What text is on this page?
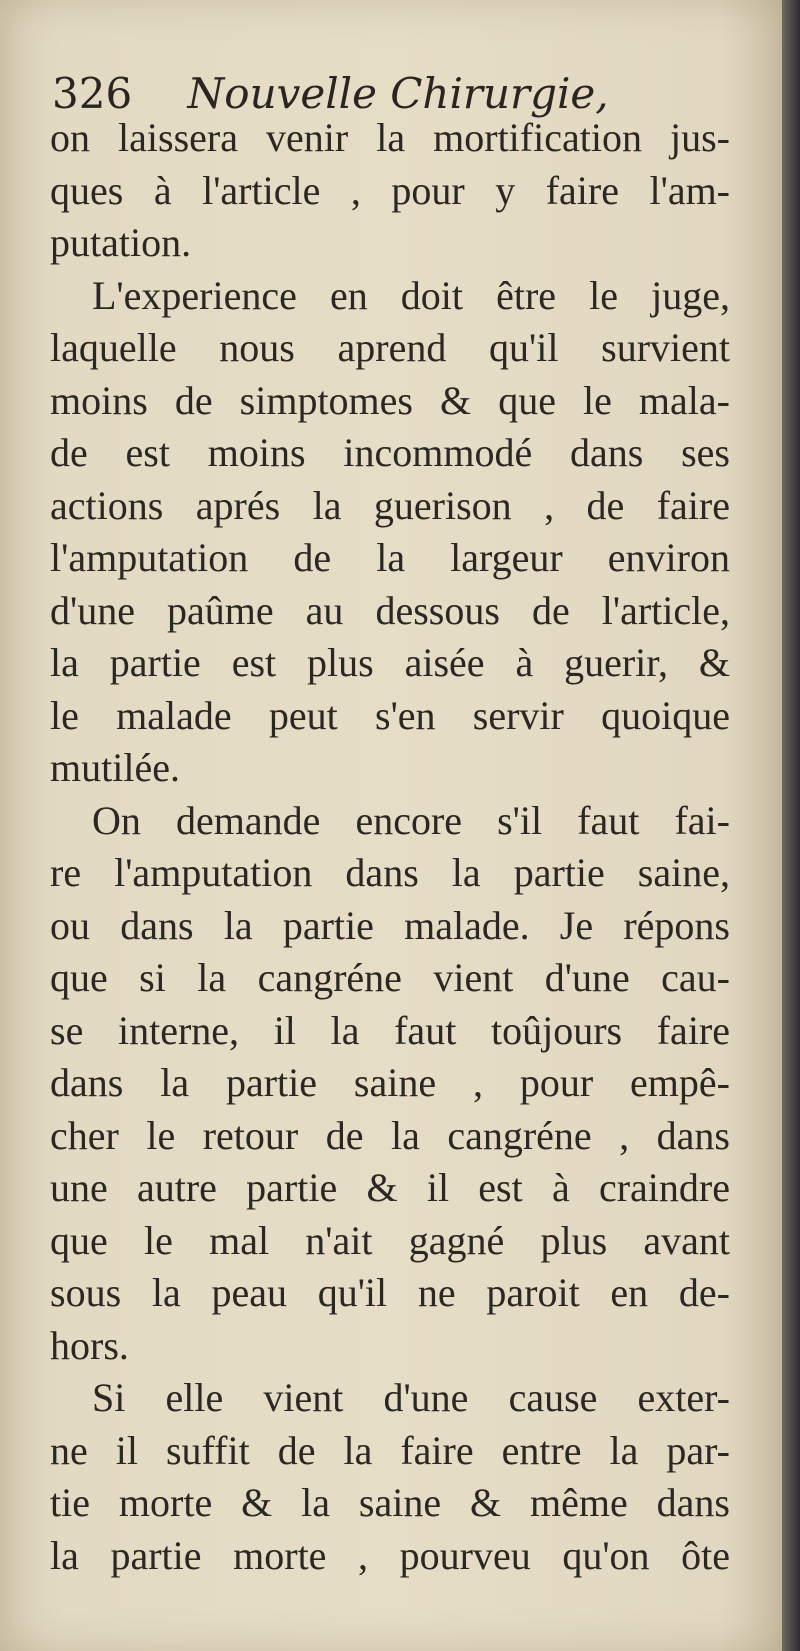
326 Nouvelle Chirurgie,
on laissera venir la mortification jus-
ques à l'article , pour y faire l'am-
putation.
L'experience en doit être le juge,
laquelle nous aprend qu'il survient
moins de simptomes & que le mala-
de est moins incommodé dans ses
actions aprés la guerison , de faire
l'amputation de la largeur environ
d'une paûme au dessous de l'article,
la partie est plus aisée à guerir, &
le malade peut s'en servir quoique
mutilée.
On demande encore s'il faut fai-
re l'amputation dans la partie saine,
ou dans la partie malade. Je répons
que si la cangréne vient d'une cau-
se interne, il la faut toûjours faire
dans la partie saine , pour empê-
cher le retour de la cangréne , dans
une autre partie & il est à craindre
que le mal n'ait gagné plus avant
sous la peau qu'il ne paroit en de-
hors.
Si elle vient d'une cause exter-
ne il suffit de la faire entre la par-
tie morte & la saine & même dans
la partie morte , pourveu qu'on ôte
